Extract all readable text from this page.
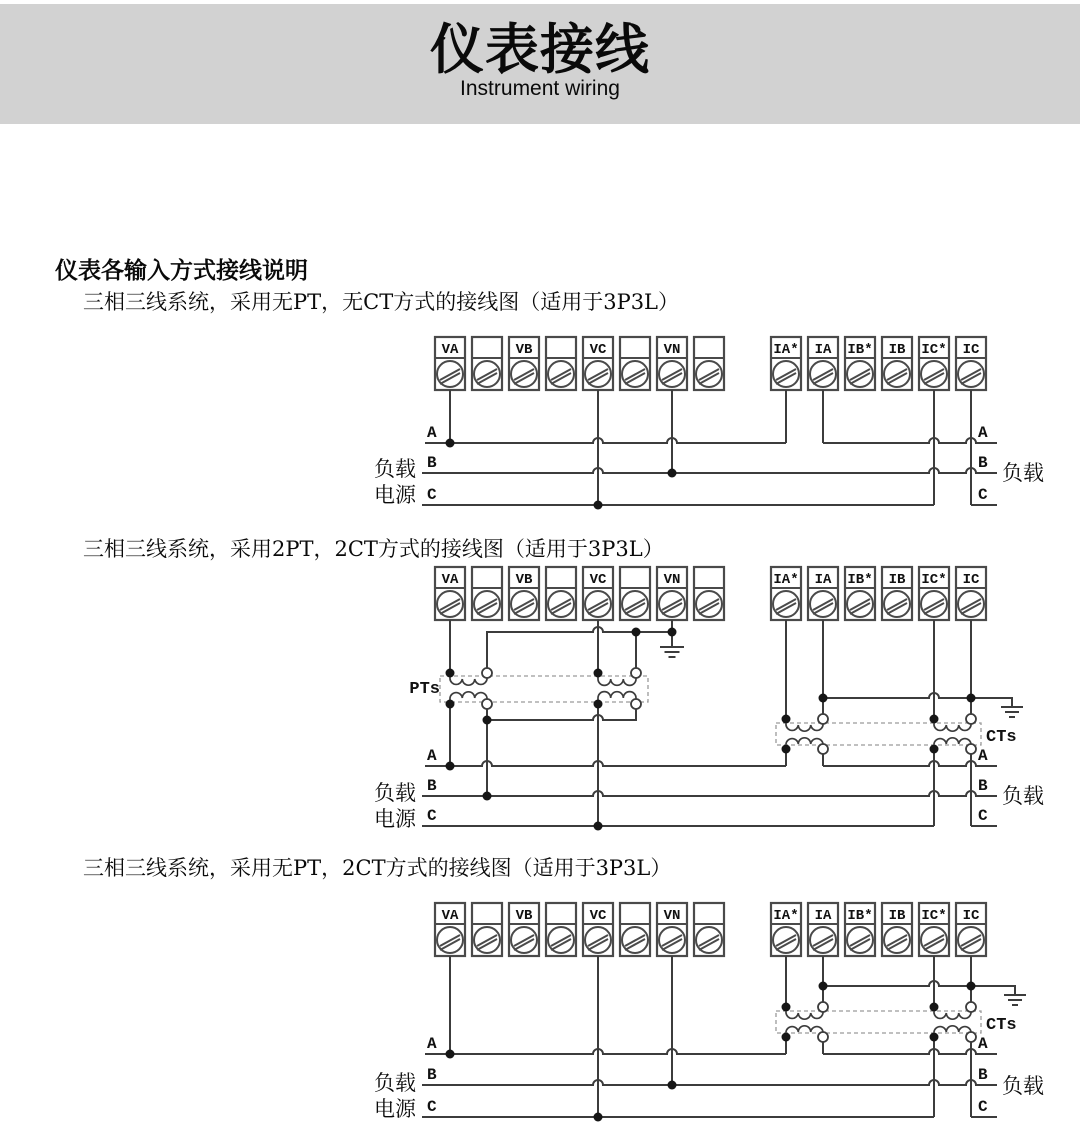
仪表接线
Instrument wiring
仪表各输入方式接线说明
三相三线系统，采用无PT，无CT方式的接线图（适用于3P3L）
三相三线系统，采用2PT，2CT方式的接线图（适用于3P3L）
三相三线系统，采用无PT，2CT方式的接线图（适用于3P3L）
VA	VB	VC	VN	IA* IA IB* IB IC* IC
A
B
C
A
B
C
负载
电源
负载
VA	VB	VC	VN	IA* IA IB* IB IC* IC
PTs
CTs
A
B
C
A
B
C
负载
电源
负载
VA	VB	VC	VN	IA* IA IB* IB IC* IC
CTs
A
B
C
A
B
C
负载
电源
负载
